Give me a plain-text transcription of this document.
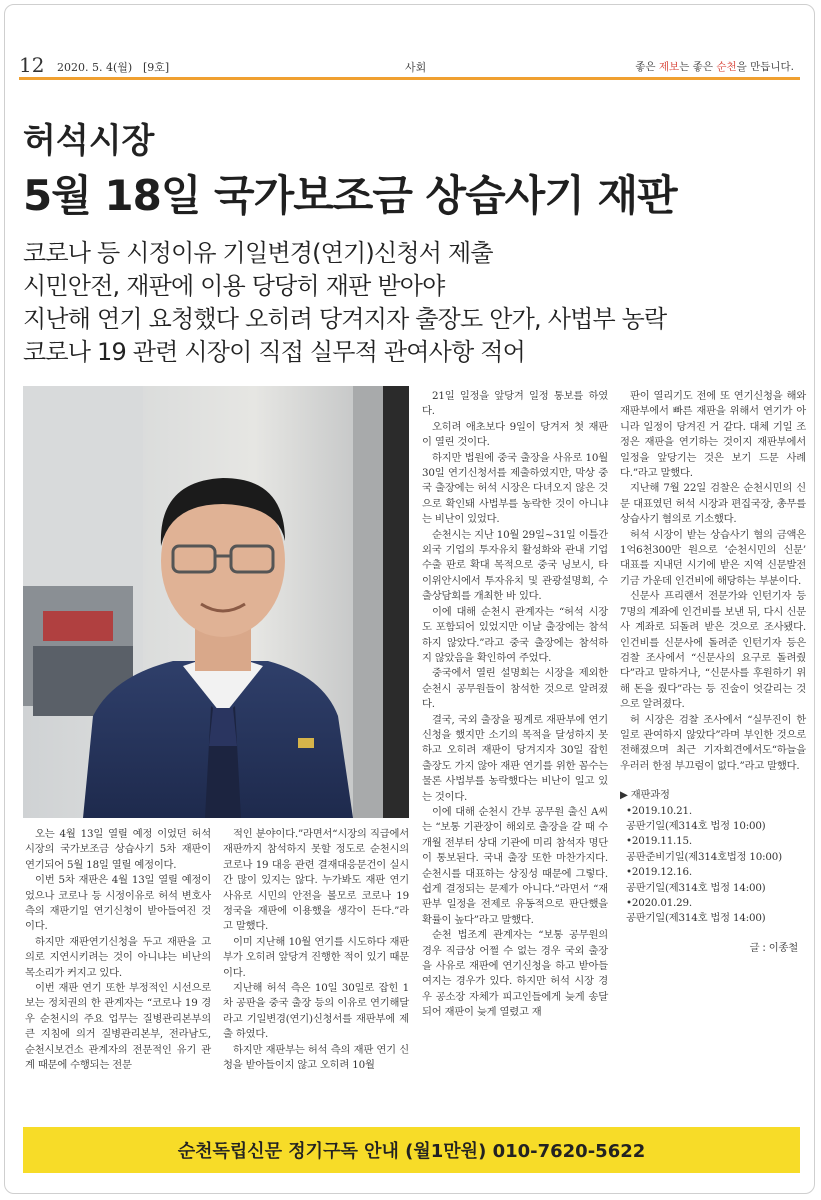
12 2020. 5. 4(월) [9호]	사회	좋은 제보는 좋은 순천을 만듭니다.
허석시장
5월 18일 국가보조금 상습사기 재판
코로나 등 시정이유 기일변경(연기)신청서 제출
시민안전, 재판에 이용 당당히 재판 받아야
지난해 연기 요청했다 오히려 당겨지자 출장도 안가, 사법부 농락
코로나 19 관련 시장이 직접 실무적 관여사항 적어

오는 4월 13일 열릴 예정 이었던 허석 시장의 국가보조금 상습사기 5차 재판이 연기되어 5월 18일 열릴 예정이다.

이번 5차 재판은 4월 13일 열릴 예정이었으나 코로나 등 시정이유로 허석 변호사측의 재판기일 연기신청이 받아들여진 것이다.

하지만 재판연기신청을 두고 재판을 고의로 지연시키려는 것이 아니냐는 비난의 목소리가 커지고 있다.

이번 재판 연기 또한 부정적인 시선으로 보는 정치권의 한 관계자는 “코로나 19 경우 순천시의 주요 업무는 질병관리본부의 큰 지침에 의거 질병관리본부, 전라남도, 순천시보건소 관계자의 전문적인 유기 관계 때문에 수행되는 전문

적인 분야이다.”라면서“시장의 직급에서 재판까지 참석하지 못할 정도로 순천시의 코로나 19 대응 관련 결재대응문건이 실시간 많이 있지는 않다. 누가봐도 재판 연기 사유로 시민의 안전을 볼모로 코로나 19 정국을 재판에 이용했을 생각이 든다.”라고 말했다.

이미 지난해 10월 연기를 시도하다 재판부가 오히려 앞당겨 진행한 적이 있기 때문이다.

지난해 허석 측은 10일 30일로 잡힌 1차 공판을 중국 출장 등의 이유로 연기해달라고 기일변경(연기)신청서를 재판부에 제출 하였다.

하지만 재판부는 허석 측의 재판 연기 신청을 받아들이지 않고 오히려 10월

21일 일정을 앞당겨 일정 통보를 하였다.

오히려 애초보다 9일이 당겨저 첫 재판이 열린 것이다.

하지만 법원에 중국 출장을 사유로 10월 30일 연기신청서를 제출하였지만, 막상 중국 출장에는 허석 시장은 다녀오지 않은 것으로 확인돼 사법부를 농락한 것이 아니냐는 비난이 있었다.

순천시는 지난 10월 29일~31일 이틀간 외국 기업의 투자유치 활성화와 관내 기업 수출 판로 확대 목적으로 중국 닝보시, 타이위안시에서 투자유치 및 관광설명회, 수출상담회를 개최한 바 있다.

이에 대해 순천시 관계자는 “허석 시장도 포함되어 있었지만 이날 출장에는 참석하지 않았다.”라고 중국 출장에는 참석하지 않았음을 확인하여 주었다.

중국에서 열린 설명회는 시장을 제외한 순천시 공무원들이 참석한 것으로 알려졌다.

결국, 국외 출장을 핑계로 재판부에 연기신청을 했지만 소기의 목적을 달성하지 못하고 오히려 재판이 당겨지자 30일 잡힌 출장도 가지 않아 재판 연기를 위한 꼼수는 물론 사법부를 농락했다는 비난이 일고 있는 것이다.

이에 대해 순천시 간부 공무원 출신 A씨는 “보통 기관장이 해외로 출장을 갈 때 수개월 전부터 상대 기관에 미리 참석자 명단이 통보된다. 국내 출장 또한 마찬가지다. 순천시를 대표하는 상징성 때문에 그렇다. 쉽게 결정되는 문제가 아니다.”라면서 “재판부 일정을 전제로 유동적으로 판단했을 확률이 높다”라고 말했다.

순천 법조계 관계자는 “보통 공무원의 경우 직급상 어쩔 수 없는 경우 국외 출장을 사유로 재판에 연기신청을 하고 받아들여지는 경우가 있다. 하지만 허석 시장 경우 공소장 자체가 피고인들에게 늦게 송달되어 재판이 늦게 열렸고 재

판이 열리기도 전에 또 연기신청을 해와 재판부에서 빠른 재판을 위해서 연기가 아니라 일정이 당겨진 거 같다. 대체 기일 조정은 재판을 연기하는 것이지 재판부에서 일정을 앞당기는 것은 보기 드문 사례다.”라고 말했다.

지난해 7월 22일 검찰은 순천시민의 신문 대표였던 허석 시장과 편집국장, 총무를 상습사기 혐의로 기소했다.

허석 시장이 받는 상습사기 혐의 금액은 1억6천300만 원으로 ‘순천시민의 신문’ 대표를 지내던 시기에 받은 지역 신문발전기금 가운데 인건비에 해당하는 부분이다.

신문사 프리랜서 전문가와 인턴기자 등 7명의 계좌에 인건비를 보낸 뒤, 다시 신문사 계좌로 되돌려 받은 것으로 조사됐다. 인건비를 신문사에 돌려준 인턴기자 등은 검찰 조사에서 “신문사의 요구로 돌려줬다”라고 말하거나, “신문사를 후원하기 위해 돈을 줬다”라는 등 진술이 엇갈리는 것으로 알려졌다.

허 시장은 검찰 조사에서 “실무진이 한 일로 관여하지 않았다”라며 부인한 것으로 전해졌으며 최근 기자회견에서도“하늘을 우러러 한점 부끄럼이 없다.”라고 말했다.

▶ 재판과정
•2019.10.21.
공판기일(제314호 법정 10:00)
•2019.11.15.
공판준비기일(제314호법정 10:00)
•2019.12.16.
공판기일(제314호 법정 14:00)
•2020.01.29.
공판기일(제314호 법정 14:00)
글 : 이종철
순천독립신문 정기구독 안내 (월1만원) 010-7620-5622
